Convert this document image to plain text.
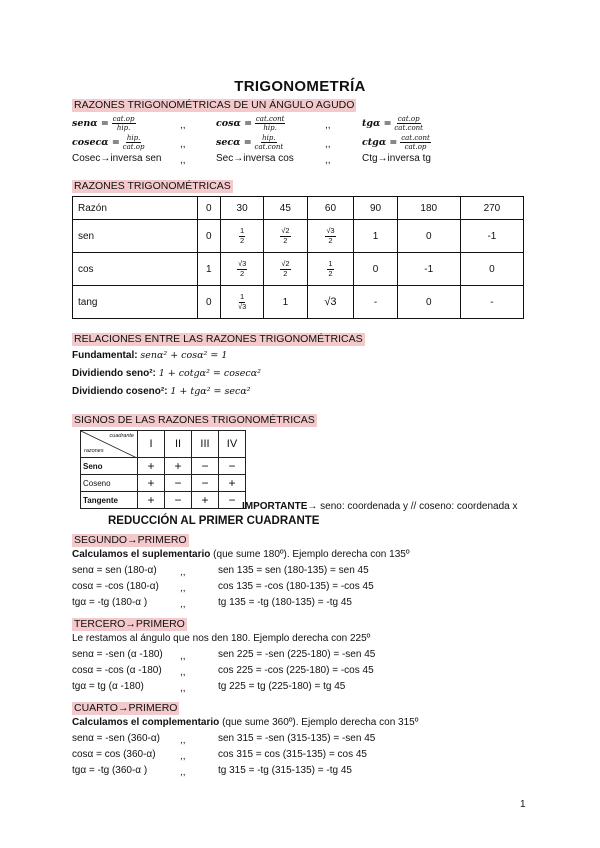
TRIGONOMETRÍA
RAZONES TRIGONOMÉTRICAS DE UN ÁNGULO AGUDO
$sen\alpha = \frac{\text{cat.op}}{\text{hip.}}$	,,	$\cos\alpha = \frac{\text{cat.cont}}{\text{hip.}}$	,,	$tg\alpha = \frac{\text{cat.op}}{\text{cat.cont}}$
$cosec\alpha = \frac{\text{hip.}}{\text{cat.op}}$	,,	$\sec\alpha = \frac{\text{hip.}}{\text{cat.cont}}$	,,	$ctg\alpha = \frac{\text{cat.cont}}{\text{cat.op}}$
Cosec→inversa sen ,,	Sec→inversa cos	,,	Ctg→inversa tg
RAZONES TRIGONOMÉTRICAS
Razón	0	30	45	60	90	180	270
sen	0	$\frac{1}{2}$	$\frac{√2}{2}$	$\frac{√3}{2}$	1	0	-1
cos	1	$\frac{√3}{2}$	$\frac{√2}{2}$	$\frac{1}{2}$	0	-1	0
tang	0	$\frac{1}{√3}$	1	√3	-	0	-
RELACIONES ENTRE LAS RAZONES TRIGONOMÉTRICAS
Fundamental: senα² + cosα² = 1
Dividiendo seno²: 1 + cotgα² = cosecα²
Dividiendo coseno²: 1 + tgα² = secα²
SIGNOS DE LAS RAZONES TRIGONOMÉTRICAS
cuadrante
razones	I	II	III	IV
Seno	+	+	−	−
Coseno	+	−	−	+
Tangente	+	−	+	− IMPORTANTE→ seno: coordenada y // coseno: coordenada x
REDUCCIÓN AL PRIMER CUADRANTE
SEGUNDO→PRIMERO
Calculamos el suplementario (que sume 180º). Ejemplo derecha con 135º
senα = sen (180-α) ,,	sen 135 = sen (180-135) = sen 45
cosα = -cos (180-α) ,,	cos 135 = -cos (180-135) = -cos 45
tgα = -tg (180-α )	,,	tg 135 = -tg (180-135) = -tg 45
TERCERO→PRIMERO
Le restamos al ángulo que nos den 180. Ejemplo derecha con 225º
senα = -sen (α -180) ,,	sen 225 = -sen (225-180) = -sen 45
cosα = -cos (α -180) ,,	cos 225 = -cos (225-180) = -cos 45
tgα = tg (α -180)	,,	tg 225 = tg (225-180) = tg 45
CUARTO→PRIMERO
Calculamos el complementario (que sume 360º). Ejemplo derecha con 315º
senα = -sen (360-α) ,,	sen 315 = -sen (315-135) = -sen 45
cosα = cos (360-α) ,,	cos 315 = cos (315-135) = cos 45
tgα = -tg (360-α )	,,	tg 315 = -tg (315-135) = -tg 45
1
